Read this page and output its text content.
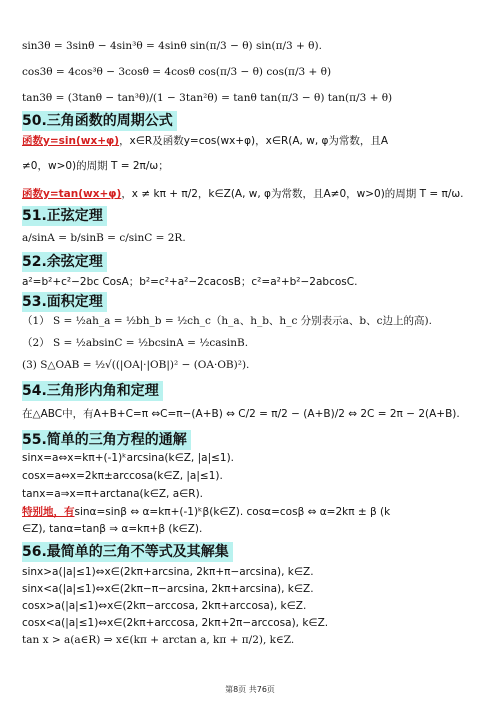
sin3θ = 3sinθ − 4sin³θ = 4sinθ sin(π/3 − θ) sin(π/3 + θ).
cos3θ = 4cos³θ − 3cosθ = 4cosθ cos(π/3 − θ) cos(π/3 + θ)
tan3θ = (3tanθ − tan³θ)/(1 − 3tan²θ) = tanθ tan(π/3 − θ) tan(π/3 + θ)
50.三角函数的周期公式
函数y=sin(wx+φ)，x∈R及函数y=cos(wx+φ)，x∈R(A, w, φ为常数，且A
≠0，w>0)的周期 T = 2π/ω；
函数y=tan(wx+φ)，x ≠ kπ + π/2，k∈Z(A, w, φ为常数，且A≠0，w>0)的周期 T = π/ω.
51.正弦定理
a/sinA = b/sinB = c/sinC = 2R.
52.余弦定理
a²=b²+c²−2bc CosA；b²=c²+a²−2cacosB；c²=a²+b²−2abcosC.
53.面积定理
（1） S = ½ah_a = ½bh_b = ½ch_c（h_a、h_b、h_c 分别表示a、b、c边上的高).
（2） S = ½absinC = ½bcsinA = ½casinB.
(3) S△OAB = ½√((|OA|·|OB|)² − (OA·OB)²).
54.三角形内角和定理
在△ABC中，有A+B+C=π ⇔C=π−(A+B) ⇔ C/2 = π/2 − (A+B)/2 ⇔ 2C = 2π − 2(A+B).
55.简单的三角方程的通解
sinx=a⇔x=kπ+(-1)ᵏarcsina(k∈Z, |a|≤1).
cosx=a⇔x=2kπ±arccosa(k∈Z, |a|≤1).
tanx=a⇒x=π+arctana(k∈Z, a∈R).
特别地，有sinα=sinβ ⇔ α=kπ+(-1)ᵏβ(k∈Z). cosα=cosβ ⇔ α=2kπ ± β (k
∈Z), tanα=tanβ ⇒ α=kπ+β (k∈Z).
56.最简单的三角不等式及其解集
sinx>a(|a|≤1)⇔x∈(2kπ+arcsina, 2kπ+π−arcsina), k∈Z.
sinx<a(|a|≤1)⇔x∈(2kπ−π−arcsina, 2kπ+arcsina), k∈Z.
cosx>a(|a|≤1)⇔x∈(2kπ−arccosa, 2kπ+arccosa), k∈Z.
cosx<a(|a|≤1)⇔x∈(2kπ+arccosa, 2kπ+2π−arccosa), k∈Z.
tan x > a(a∈R) ⇒ x∈(kπ + arctan a, kπ + π/2), k∈Z.
第8页 共76页
